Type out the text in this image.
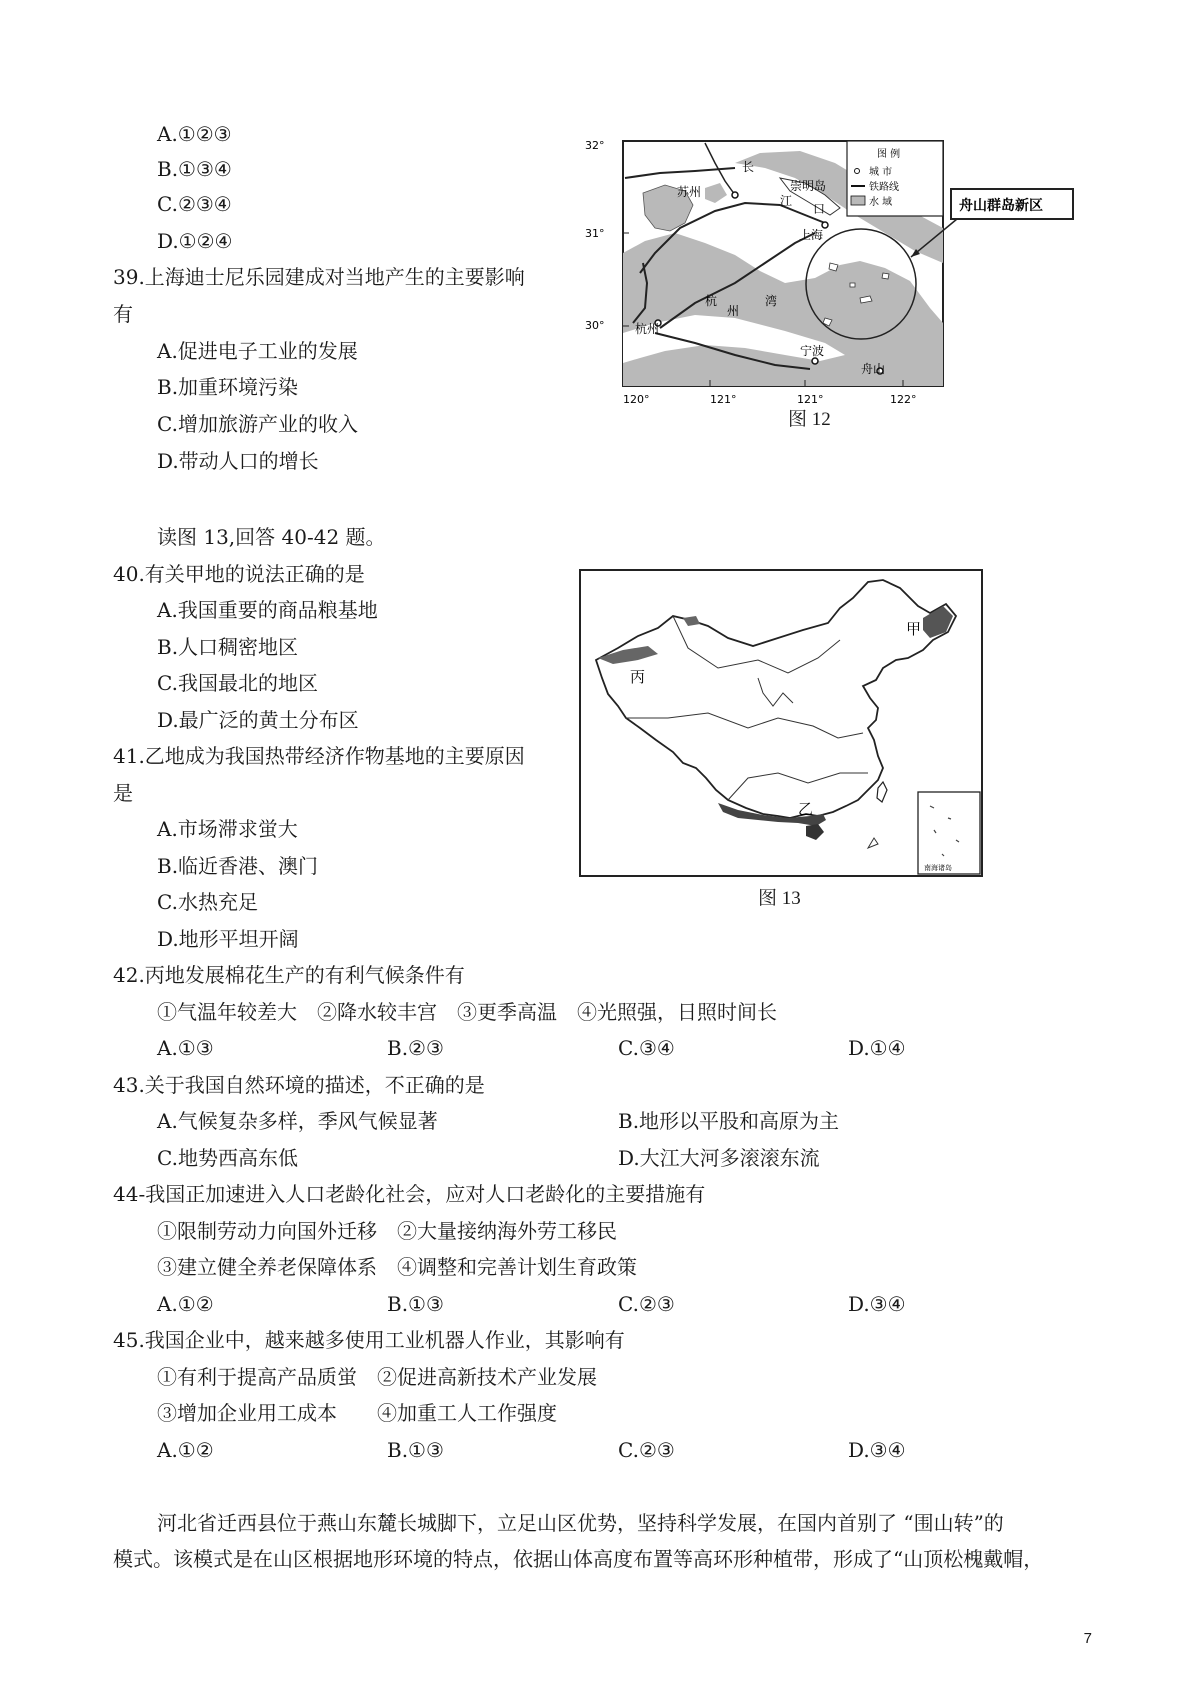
A.①②③
B.①③④
C.②③④
D.①②④
39.上海迪士尼乐园建成对当地产生的主要影响
有
A.促进电子工业的发展
B.加重环境污染
C.增加旅游产业的收入
D.带动人口的增长
32°
31°
30°
120°	121°	121°	122°
苏州	崇明岛
长
江
口
上海
杭
州
湾
杭州
宁波
舟山
图 例
城 市
铁路线
水 域	舟山群岛新区
图 12
读图 13,回答 40-42 题。
40.有关甲地的说法正确的是
A.我国重要的商品粮基地
B.人口稠密地区
C.我国最北的地区
D.最广泛的黄土分布区
41.乙地成为我国热带经济作物基地的主要原因
是
A.市场滞求蛍大
B.临近香港、澳门
C.水热充足
D.地形平坦开阔
南海诸岛
甲
丙
乙
图 13
42.丙地发展棉花生产的有利气候条件有
①气温年较差大　②降水较丰宫　③更季高温　④光照强，日照时间长
A.①③	B.②③	C.③④	D.①④
43.关于我国自然环境的描述，不正确的是
A.气候复杂多样，季风气候显著	B.地形以平股和高原为主
C.地势西高东低	D.大江大河多滚滚东流
44-我国正加速进入人口老龄化社会，应对人口老龄化的主要措施有
①限制劳动力向国外迁移　②大量接纳海外劳工移民
③建立健全养老保障体系　④调整和完善计划生育政策
A.①②	B.①③	C.②③	D.③④
45.我国企业中，越来越多使用工业机器人作业，其影响有
①有利于提高产品质蛍　②促进高新技术产业发展
③增加企业用工成本　　④加重工人工作强度
A.①②	B.①③	C.②③	D.③④
河北省迁西县位于燕山东麓长城脚下，立足山区优势，坚持科学发展，在国内首别了 “围山转”的
模式。该模式是在山区根据地形环境的特点，依据山体高度布置等高环形种植带，形成了“山顶松槐戴帽，
7
